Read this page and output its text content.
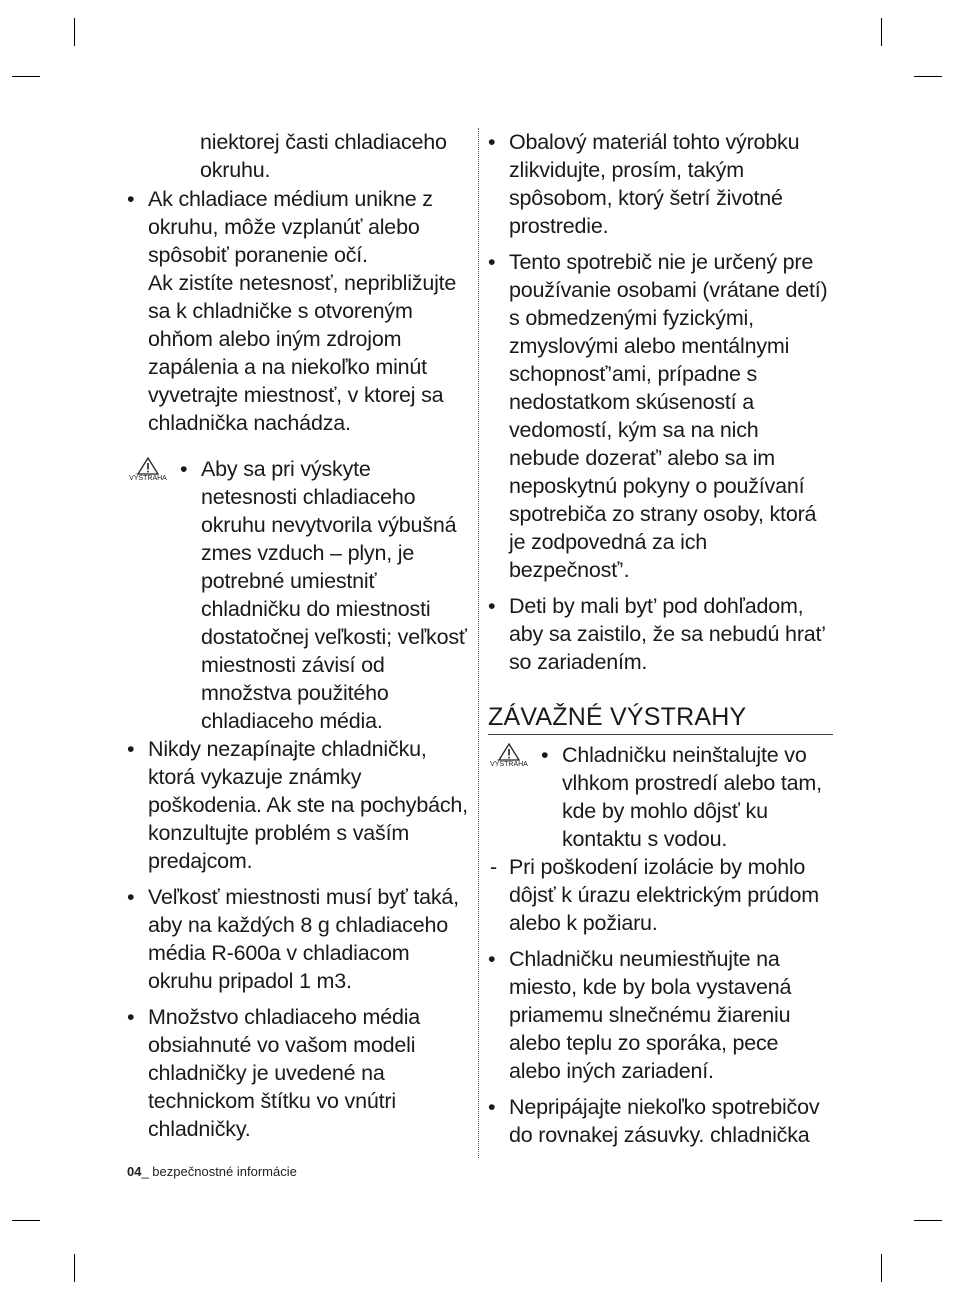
niektorej časti chladiaceho okruhu.

• Ak chladiace médium unikne z okruhu, môže vzplanúť alebo spôsobiť poranenie očí.
Ak zistíte netesnosť, nepribližujte sa k chladničke s otvoreným ohňom alebo iným zdrojom zapálenia a na niekoľko minút vyvetrajte miestnosť, v ktorej sa chladnička nachádza.

VÝSTRAHA	• Aby sa pri výskyte netesnosti chladiaceho okruhu nevytvorila výbušná zmes vzduch – plyn, je potrebné umiestniť chladničku do miestnosti dostatočnej veľkosti; veľkosť miestnosti závisí od množstva použitého chladiaceho média.

• Nikdy nezapínajte chladničku, ktorá vykazuje známky poškodenia. Ak ste na pochybách, konzultujte problém s vaším predajcom.

• Veľkosť miestnosti musí byť taká, aby na každých 8 g chladiaceho média R-600a v chladiacom okruhu pripadol 1 m3.

• Množstvo chladiaceho média obsiahnuté vo vašom modeli chladničky je uvedené na technickom štítku vo vnútri chladničky.

• Obalový materiál tohto výrobku zlikvidujte, prosím, takým spôsobom, ktorý šetrí životné prostredie.

• Tento spotrebič nie je určený pre používanie osobami (vrátane detí) s obmedzenými fyzickými, zmyslovými alebo mentálnymi schopnosť’ami, prípadne s nedostatkom skúseností a vedomostí, kým sa na nich nebude dozerať’ alebo sa im neposkytnú pokyny o používaní spotrebiča zo strany osoby, ktorá je zodpovedná za ich bezpečnosť’.

• Deti by mali byt’ pod dohľadom, aby sa zaistilo, že sa nebudú hrat’ so zariadením.

ZÁVAŽNÉ VÝSTRAHY
VÝSTRAHA	• Chladničku neinštalujte vo vlhkom prostredí alebo tam, kde by mohlo dôjsť ku kontaktu s vodou.

- Pri poškodení izolácie by mohlo dôjsť k úrazu elektrickým prúdom alebo k požiaru.

• Chladničku neumiestňujte na miesto, kde by bola vystavená priamemu slnečnému žiareniu alebo teplu zo sporáka, pece alebo iných zariadení.

• Nepripájajte niekoľko spotrebičov do rovnakej zásuvky. chladnička

04_ bezpečnostné informácie
